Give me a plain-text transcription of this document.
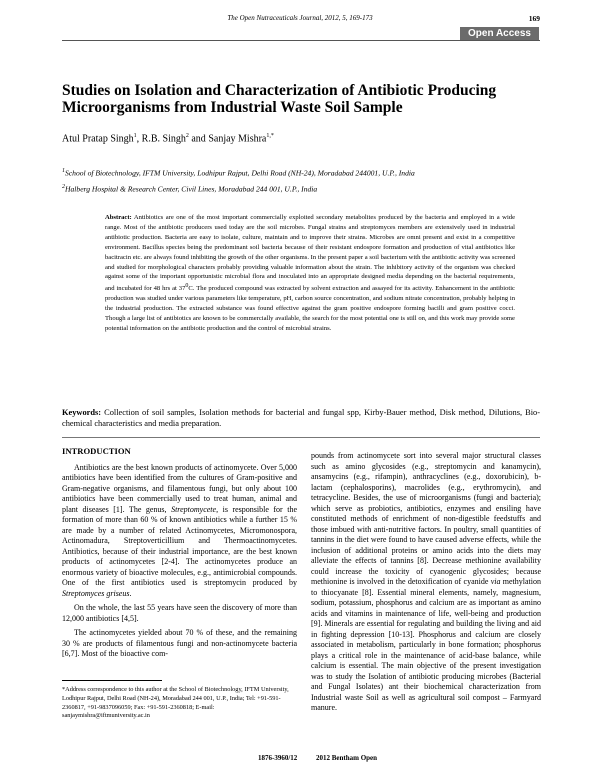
The Open Nutraceuticals Journal, 2012, 5, 169-173	169
Open Access
Studies on Isolation and Characterization of Antibiotic Producing Microorganisms from Industrial Waste Soil Sample
Atul Pratap Singh$^1$, R.B. Singh$^2$ and Sanjay Mishra$^{1,*}$
$^1$School of Biotechnology, IFTM University, Lodhipur Rajput, Delhi Road (NH-24), Moradabad 244001, U.P., India
$^2$Halberg Hospital & Research Center, Civil Lines, Moradabad 244 001, U.P., India
Abstract: Antibiotics are one of the most important commercially exploited secondary metabolites produced by the bacteria and employed in a wide range. Most of the antibiotic producers used today are the soil microbes. Fungal strains and streptomyces members are extensively used in industrial antibiotic production. Bacteria are easy to isolate, culture, maintain and to improve their strains. Microbes are omni present and exist in a competitive environment. Bacillus species being the predominant soil bacteria because of their resistant endospore formation and production of vital antibiotics like bacitracin etc. are always found inhibiting the growth of the other organisms. In the present paper a soil bacterium with the antibiotic activity was screened and studied for morphological characters probably providing valuable information about the strain. The inhibitory activity of the organism was checked against some of the important opportunistic microbial flora and inoculated into an appropriate designed media depending on the bacterial requirements, and incubated for 48 hrs at $37^0C$. The produced compound was extracted by solvent extraction and assayed for its activity. Enhancement in the antibiotic production was studied under various parameters like temperature, pH, carbon source concentration, and sodium nitrate concentration, probably helping in the industrial production. The extracted substance was found effective against the gram positive endospore forming bacilli and gram positive cocci. Though a large list of antibiotics are known to be commercially available, the search for the most potential one is still on, and this work may provide some potential information on the antibiotic production and the control of microbial strains.
Keywords: Collection of soil samples, Isolation methods for bacterial and fungal spp, Kirby-Bauer method, Disk method, Dilutions, Bio-chemical characteristics and media preparation.

INTRODUCTION

Antibiotics are the best known products of actinomycete. Over 5,000 antibiotics have been identified from the cultures of Gram-positive and Gram-negative organisms, and filamentous fungi, but only about 100 antibiotics have been commercially used to treat human, animal and plant diseases [1]. The genus, Streptomycete, is responsible for the formation of more than 60 % of known antibiotics while a further 15 % are made by a number of related Actinomycetes, Micromonospora, Actinomadura, Streptoverticillium and Thermoactinomycetes. Antibiotics, because of their industrial importance, are the best known products of actinomycetes [2-4]. The actinomycetes produce an enormous variety of bioactive molecules, e.g., antimicrobial compounds. One of the first antibiotics used is streptomycin produced by Streptomyces griseus.

On the whole, the last 55 years have seen the discovery of more than 12,000 antibiotics [4,5].

The actinomycetes yielded about 70 % of these, and the remaining 30 % are products of filamentous fungi and non-actinomycete bacteria [6,7]. Most of the bioactive com-

pounds from actinomycete sort into several major structural classes such as amino glycosides (e.g., streptomycin and kanamycin), ansamycins (e.g., rifampin), anthracyclines (e.g., doxorubicin), b-lactam (cephalosporins), macrolides (e.g., erythromycin), and tetracycline. Besides, the use of microorganisms (fungi and bacteria); which serve as probiotics, antibiotics, enzymes and ensiling have constituted methods of enrichment of non-digestible feedstuffs and those imbued with anti-nutritive factors. In poultry, small quantities of tannins in the diet were found to have caused adverse effects, while the inclusion of additional proteins or amino acids into the diets may alleviate the effects of tannins [8]. Decrease methionine availability could increase the toxicity of cyanogenic glycosides; because methionine is involved in the detoxification of cyanide via methylation to thiocyanate [8]. Essential mineral elements, namely, magnesium, sodium, potassium, phosphorus and calcium are as important as amino acids and vitamins in maintenance of life, well-being and production [9]. Minerals are essential for regulating and building the living and aid in fighting depression [10-13]. Phosphorus and calcium are closely associated in metabolism, particularly in bone formation; phosphorus plays a critical role in the maintenance of acid-base balance, while calcium is essential. The main objective of the present investigation was to study the Isolation of antibiotic producing microbes (Bacterial and Fungal Isolates) ant their biochemical characterization from Industrial waste Soil as well as agricultural soil compost – Farmyard manure.

*Address correspondence to this author at the School of Biotechnology, IFTM University, Lodhipur Rajput, Delhi Road (NH-24), Moradabad 244 001, U.P., India; Tel: +91-591-2360817, +91-9837096059; Fax: +91-591-2360818; E-mail: sanjaymishra@iftmuniversity.ac.in
1876-3960/12	2012 Bentham Open
